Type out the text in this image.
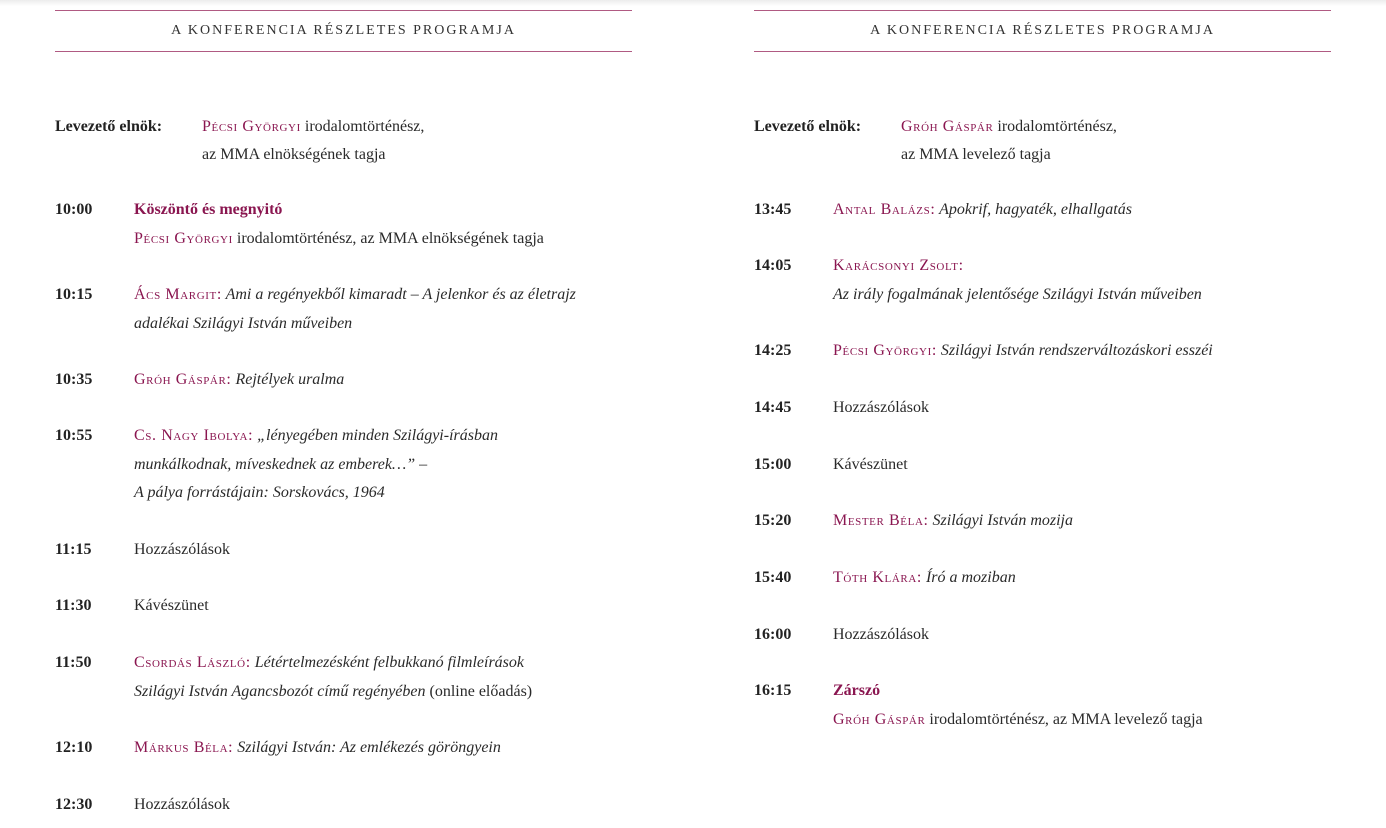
A KONFERENCIA RÉSZLETES PROGRAMJA
Levezető elnök: Pécsi Györgyi irodalomtörténész,
az MMA elnökségének tagja
10:00	Köszöntő és megnyitó
Pécsi Györgyi irodalomtörténész, az MMA elnökségének tagja
10:15	Ács Margit: Ami a regényekből kimaradt – A jelenkor és az életrajz
adalékai Szilágyi István műveiben
10:35	Gróh Gáspár: Rejtélyek uralma
10:55	Cs. Nagy Ibolya: „lényegében minden Szilágyi-írásban
munkálkodnak, míveskednek az emberek…” –
A pálya forrástájain: Sorskovács, 1964
11:15	Hozzászólások
11:30	Kávészünet
11:50	Csordás László: Létértelmezésként felbukkanó filmleírások
Szilágyi István Agancsbozót című regényében (online előadás)
12:10	Márkus Béla: Szilágyi István: Az emlékezés göröngyein
12:30	Hozzászólások
A KONFERENCIA RÉSZLETES PROGRAMJA
Levezető elnök: Gróh Gáspár irodalomtörténész,
az MMA levelező tagja
13:45	Antal Balázs: Apokrif, hagyaték, elhallgatás
14:05	Karácsonyi Zsolt:
Az irály fogalmának jelentősége Szilágyi István műveiben
14:25	Pécsi Györgyi: Szilágyi István rendszerváltozáskori esszéi
14:45	Hozzászólások
15:00	Kávészünet
15:20	Mester Béla: Szilágyi István mozija
15:40	Tóth Klára: Író a moziban
16:00	Hozzászólások
16:15	Zárszó
Gróh Gáspár irodalomtörténész, az MMA levelező tagja
